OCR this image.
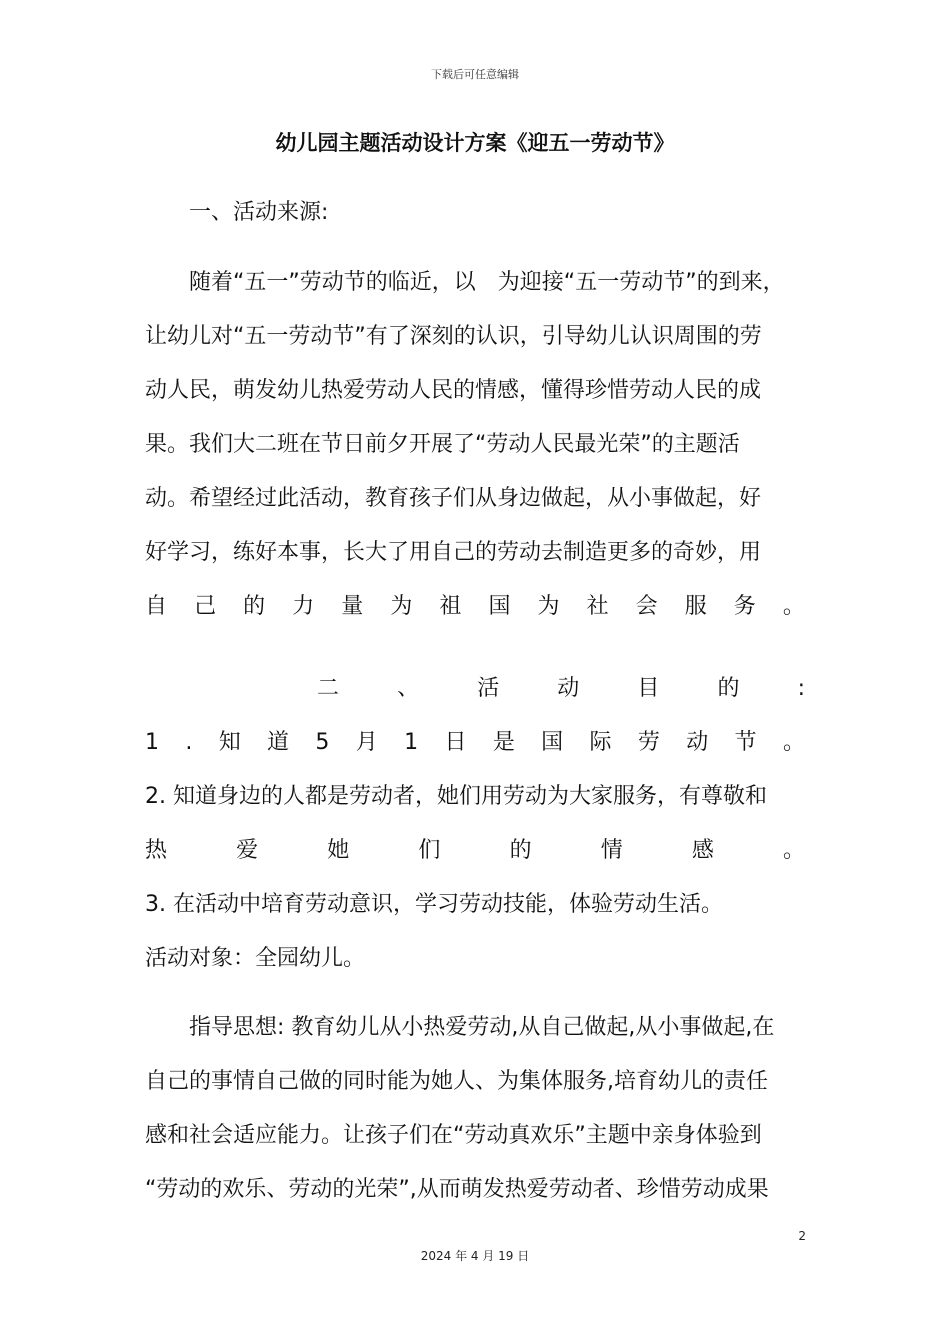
下载后可任意编辑
幼儿园主题活动设计方案《迎五一劳动节》
一、活动来源:
随着“五一”劳动节的临近，以　为迎接“五一劳动节”的到来，
让幼儿对“五一劳动节”有了深刻的认识，引导幼儿认识周围的劳
动人民，萌发幼儿热爱劳动人民的情感，懂得珍惜劳动人民的成
果。我们大二班在节日前夕开展了“劳动人民最光荣”的主题活
动。希望经过此活动，教育孩子们从身边做起，从小事做起，好
好学习，练好本事，长大了用自己的劳动去制造更多的奇妙，用
自 己 的 力 量 为 祖 国 为 社 会 服 务 。
二	、	活	动	目	的	:
1 . 知 道 5 月 1 日 是 国 际 劳 动 节 。
2. 知道身边的人都是劳动者，她们用劳动为大家服务，有尊敬和
热	爱	她	们	的	情	感	。
3. 在活动中培育劳动意识，学习劳动技能，体验劳动生活。
活动对象：全园幼儿。
指导思想: 教育幼儿从小热爱劳动,从自己做起,从小事做起,在
自己的事情自己做的同时能为她人、为集体服务,培育幼儿的责任
感和社会适应能力。让孩子们在“劳动真欢乐”主题中亲身体验到
“劳动的欢乐、劳动的光荣”,从而萌发热爱劳动者、珍惜劳动成果
2
2024 年 4 月 19 日
